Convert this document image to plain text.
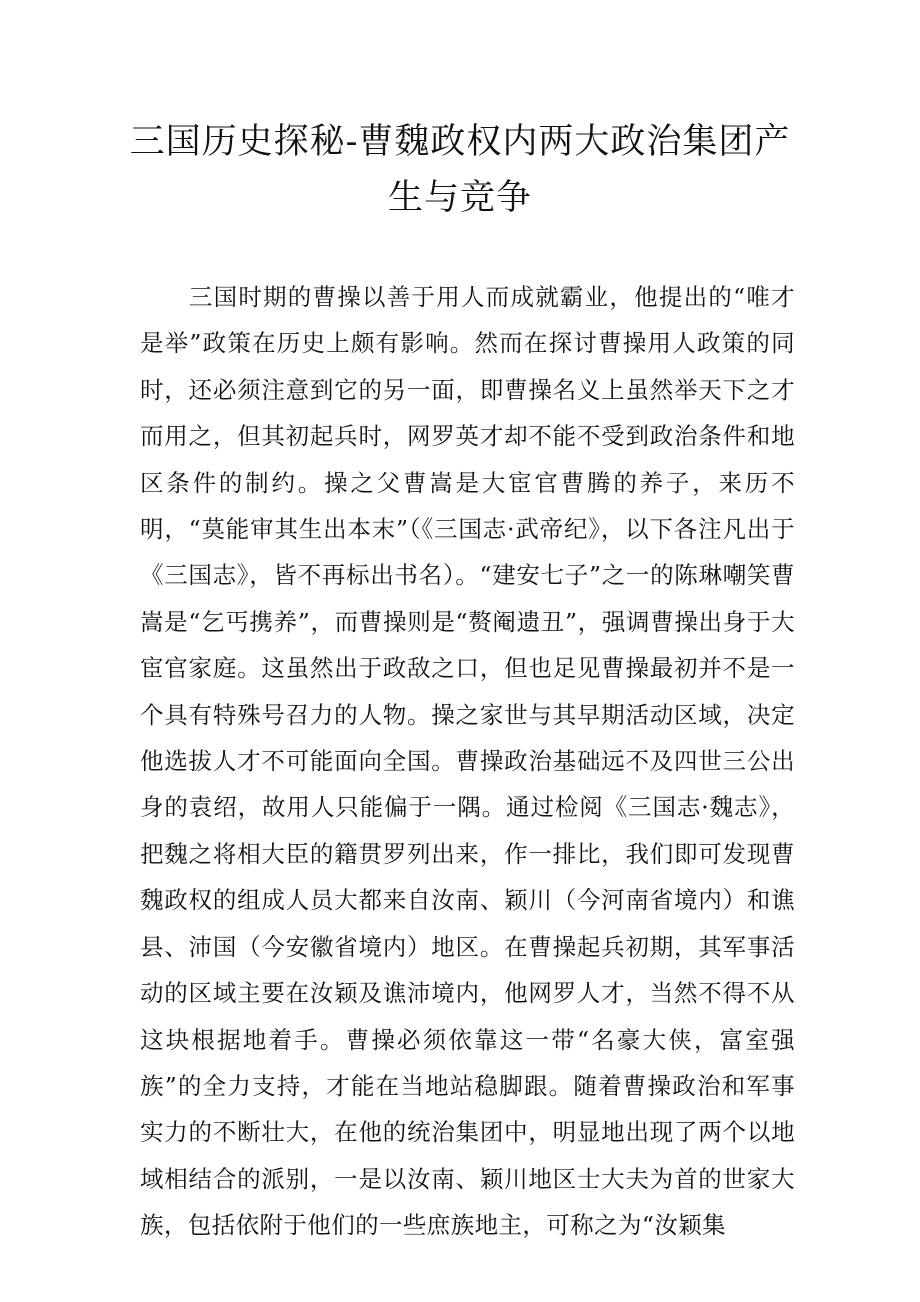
三国历史探秘-曹魏政权内两大政治集团产生与竞争

三国时期的曹操以善于用人而成就霸业，他提出的“唯才是举”政策在历史上颇有影响。然而在探讨曹操用人政策的同时，还必须注意到它的另一面，即曹操名义上虽然举天下之才而用之，但其初起兵时，网罗英才却不能不受到政治条件和地区条件的制约。操之父曹嵩是大宦官曹腾的养子，来历不明，“莫能审其生出本末”（《三国志·武帝纪》，以下各注凡出于《三国志》，皆不再标出书名）。“建安七子”之一的陈琳嘲笑曹嵩是“乞丐携养”，而曹操则是“赘阉遗丑”，强调曹操出身于大宦官家庭。这虽然出于政敌之口，但也足见曹操最初并不是一个具有特殊号召力的人物。操之家世与其早期活动区域，决定他选拔人才不可能面向全国。曹操政治基础远不及四世三公出身的袁绍，故用人只能偏于一隅。通过检阅《三国志·魏志》，把魏之将相大臣的籍贯罗列出来，作一排比，我们即可发现曹魏政权的组成人员大都来自汝南、颖川（今河南省境内）和谯县、沛国（今安徽省境内）地区。在曹操起兵初期，其军事活动的区域主要在汝颖及谯沛境内，他网罗人才，当然不得不从这块根据地着手。曹操必须依靠这一带“名豪大侠，富室强族”的全力支持，才能在当地站稳脚跟。随着曹操政治和军事实力的不断壮大，在他的统治集团中，明显地出现了两个以地域相结合的派别，一是以汝南、颖川地区士大夫为首的世家大族，包括依附于他们的一些庶族地主，可称之为“汝颖集
